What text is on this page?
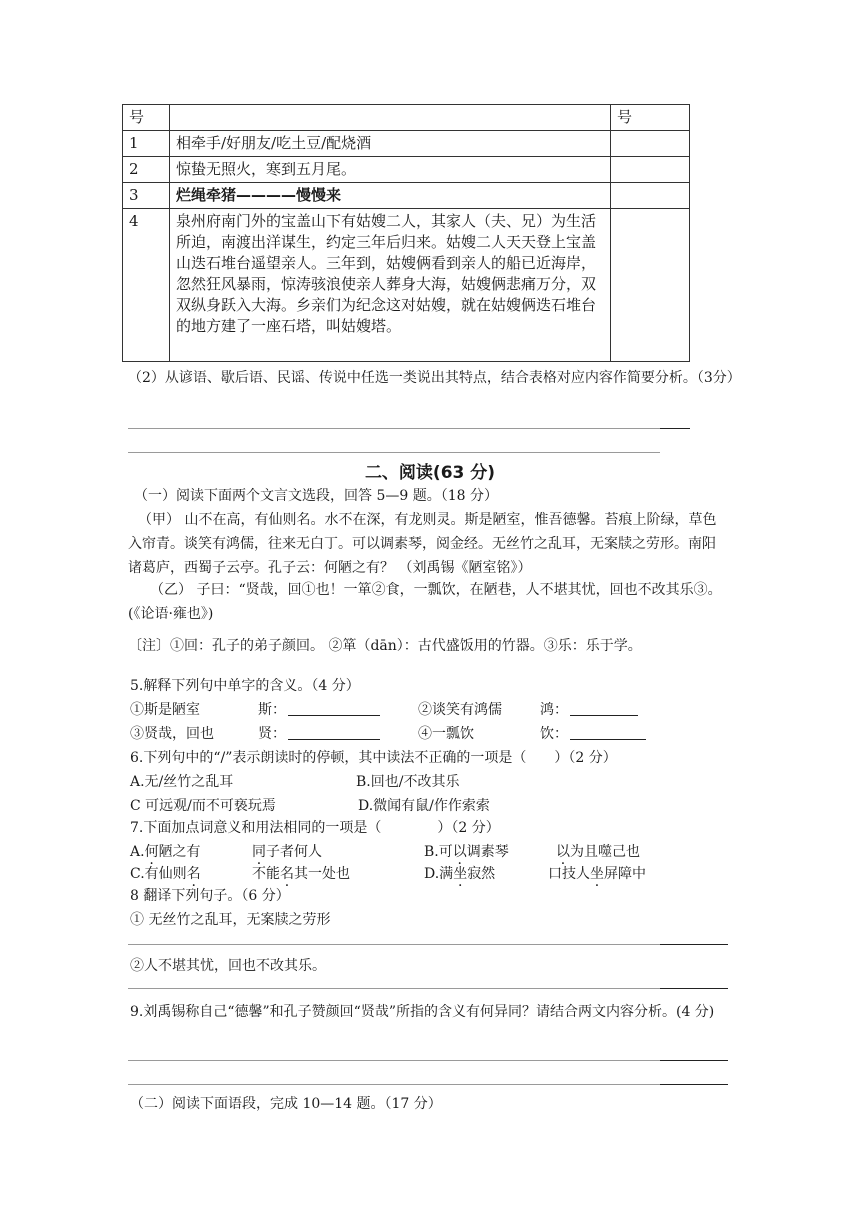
号		号
1	相牵手/好朋友/吃土豆/配烧酒	
2	惊蛰无照火，寒到五月尾。	
3	烂绳牵猪————慢慢来	
4	泉州府南门外的宝盖山下有姑嫂二人，其家人（夫、兄）为生活所迫，南渡出洋谋生，约定三年后归来。姑嫂二人天天登上宝盖山迭石堆台遥望亲人。三年到，姑嫂俩看到亲人的船已近海岸，忽然狂风暴雨，惊涛骇浪使亲人葬身大海，姑嫂俩悲痛万分，双双纵身跃入大海。乡亲们为纪念这对姑嫂，就在姑嫂俩迭石堆台的地方建了一座石塔，叫姑嫂塔。	
（2）从谚语、歇后语、民谣、传说中任选一类说出其特点，结合表格对应内容作简要分析。（3分）
二、阅读(63 分)
（一）阅读下面两个文言文选段，回答 5—9 题。（18 分）
（甲） 山不在高，有仙则名。水不在深，有龙则灵。斯是陋室，惟吾德馨。苔痕上阶绿，草色入帘青。谈笑有鸿儒，往来无白丁。可以调素琴，阅金经。无丝竹之乱耳，无案牍之劳形。南阳诸葛庐，西蜀子云亭。孔子云：何陋之有？ （刘禹锡《陋室铭》）
（乙） 子曰：“贤哉，回①也！一箪②食，一瓢饮，在陋巷，人不堪其忧，回也不改其乐③。(《论语·雍也》)
〔注〕①回：孔子的弟子颜回。 ②箪（dān）：古代盛饭用的竹器。③乐：乐于学。
5.解释下列句中单字的含义。（4 分）
①斯是陋室	斯：	②谈笑有鸿儒	鸿：
③贤哉，回也	贤：	④一瓢饮	饮：
6.下列句中的“/”表示朗读时的停顿，其中读法不正确的一项是（　　）（2 分）
A.无/丝竹之乱耳	B.回也/不改其乐
C 可远观/而不可亵玩焉	D.微闻有鼠/作作索索
7.下面加点词意义和用法相同的一项是（　　　　）（2 分）
A.何陋之有	同子者何人	B.可以调素琴	以为且噬己也
C.有仙则名	不能名其一处也	D.满坐寂然	口技人坐屏障中
8 翻译下列句子。（6 分）
① 无丝竹之乱耳，无案牍之劳形
②人不堪其忧，回也不改其乐。
9.刘禹锡称自己“德馨”和孔子赞颜回“贤哉”所指的含义有何异同？请结合两文内容分析。(4 分)
（二）阅读下面语段，完成 10—14 题。（17 分）
